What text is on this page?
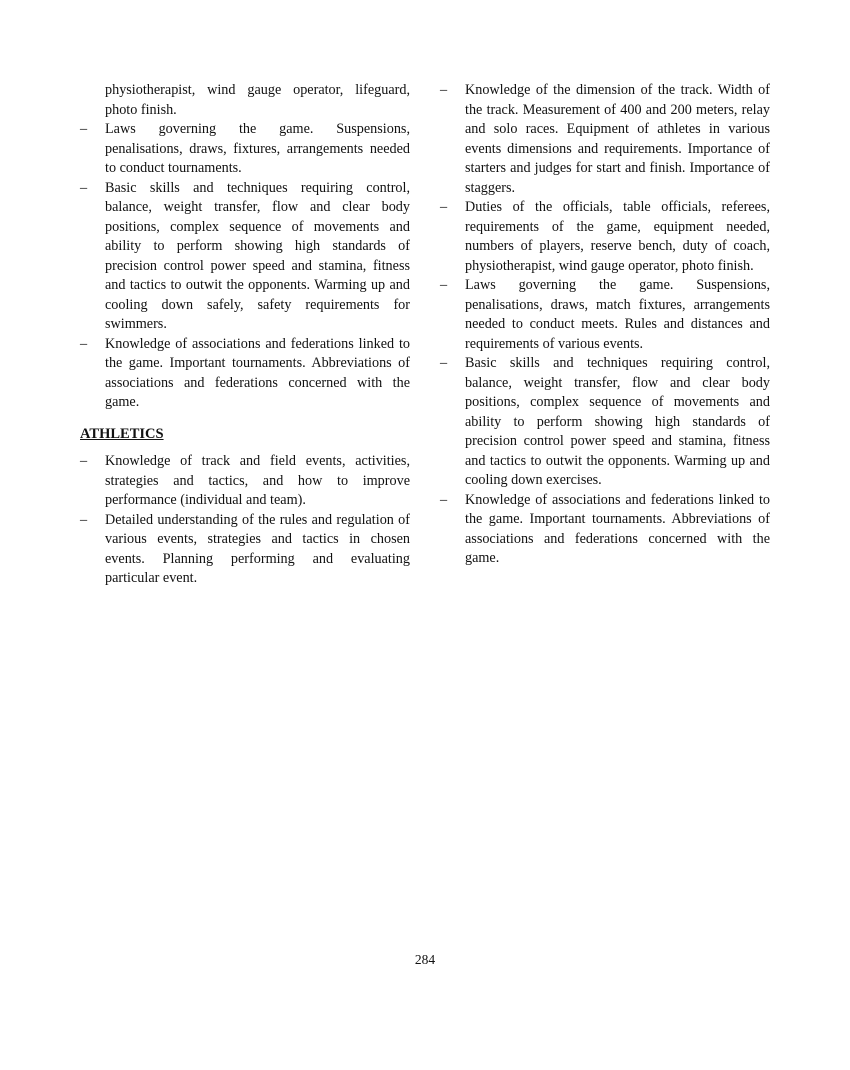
physiotherapist, wind gauge operator, lifeguard, photo finish.

– Laws governing the game. Suspensions, penalisations, draws, fixtures, arrangements needed to conduct tournaments.

– Basic skills and techniques requiring control, balance, weight transfer, flow and clear body positions, complex sequence of movements and ability to perform showing high standards of precision control power speed and stamina, fitness and tactics to outwit the opponents. Warming up and cooling down safely, safety requirements for swimmers.

– Knowledge of associations and federations linked to the game. Important tournaments. Abbreviations of associations and federations concerned with the game.

ATHLETICS

– Knowledge of track and field events, activities, strategies and tactics, and how to improve performance (individual and team).

– Detailed understanding of the rules and regulation of various events, strategies and tactics in chosen events. Planning performing and evaluating particular event.

– Knowledge of the dimension of the track. Width of the track. Measurement of 400 and 200 meters, relay and solo races. Equipment of athletes in various events dimensions and requirements. Importance of starters and judges for start and finish. Importance of staggers.

– Duties of the officials, table officials, referees, requirements of the game, equipment needed, numbers of players, reserve bench, duty of coach, physiotherapist, wind gauge operator, photo finish.

– Laws governing the game. Suspensions, penalisations, draws, match fixtures, arrangements needed to conduct meets. Rules and distances and requirements of various events.

– Basic skills and techniques requiring control, balance, weight transfer, flow and clear body positions, complex sequence of movements and ability to perform showing high standards of precision control power speed and stamina, fitness and tactics to outwit the opponents. Warming up and cooling down exercises.

– Knowledge of associations and federations linked to the game. Important tournaments. Abbreviations of associations and federations concerned with the game.

284
